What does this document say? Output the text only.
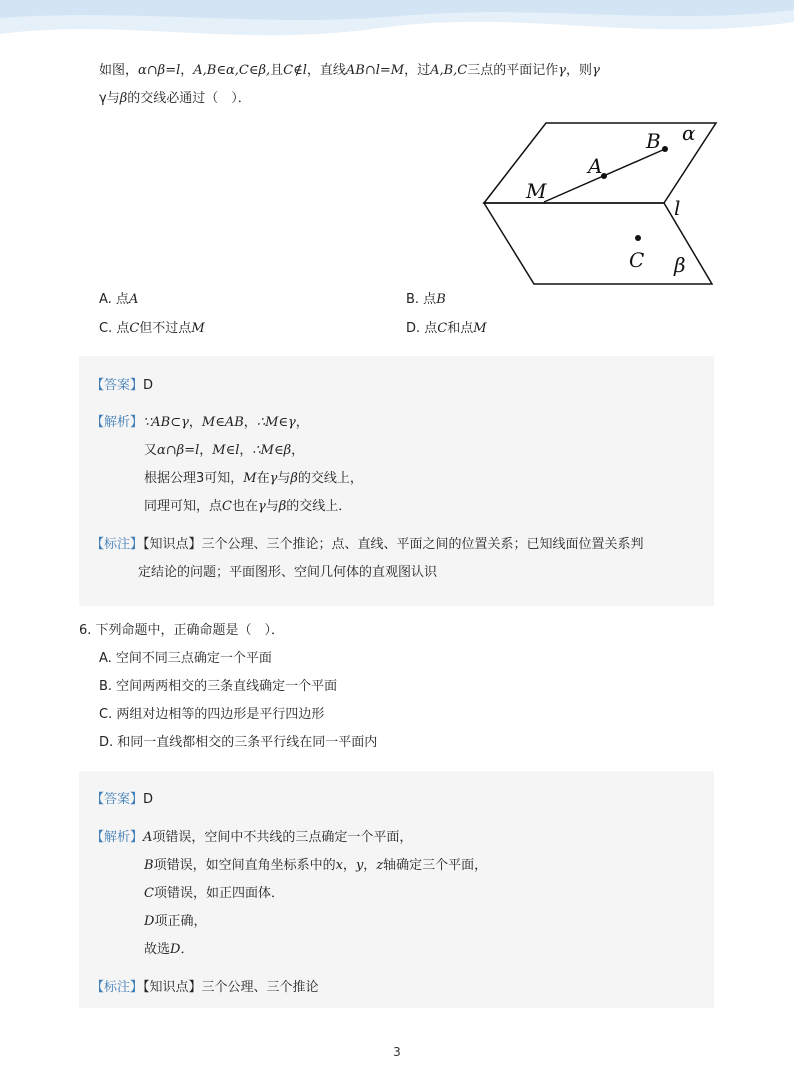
如图，α∩β=l，A,B∈α,C∈β,且C∉l，直线AB∩l=M，过A,B,C三点的平面记作γ，则γ
γ与β的交线必通过（　）．
α
B
A
M
l
C β
A. 点A	B. 点B
C. 点C但不过点M	D. 点C和点M
【答案】D
【解析】∵AB⊂γ，M∈AB，∴M∈γ，
又α∩β=l，M∈l，∴M∈β，
根据公理3可知，M在γ与β的交线上，
同理可知，点C也在γ与β的交线上．
【标注】【知识点】三个公理、三个推论；点、直线、平面之间的位置关系；已知线面位置关系判
定结论的问题；平面图形、空间几何体的直观图认识
6. 下列命题中，正确命题是（　）．
A. 空间不同三点确定一个平面
B. 空间两两相交的三条直线确定一个平面
C. 两组对边相等的四边形是平行四边形
D. 和同一直线都相交的三条平行线在同一平面内
【答案】D
【解析】A项错误，空间中不共线的三点确定一个平面，
B项错误，如空间直角坐标系中的x，y，z轴确定三个平面，
C项错误，如正四面体．
D项正确，
故选D．
【标注】【知识点】三个公理、三个推论
3
